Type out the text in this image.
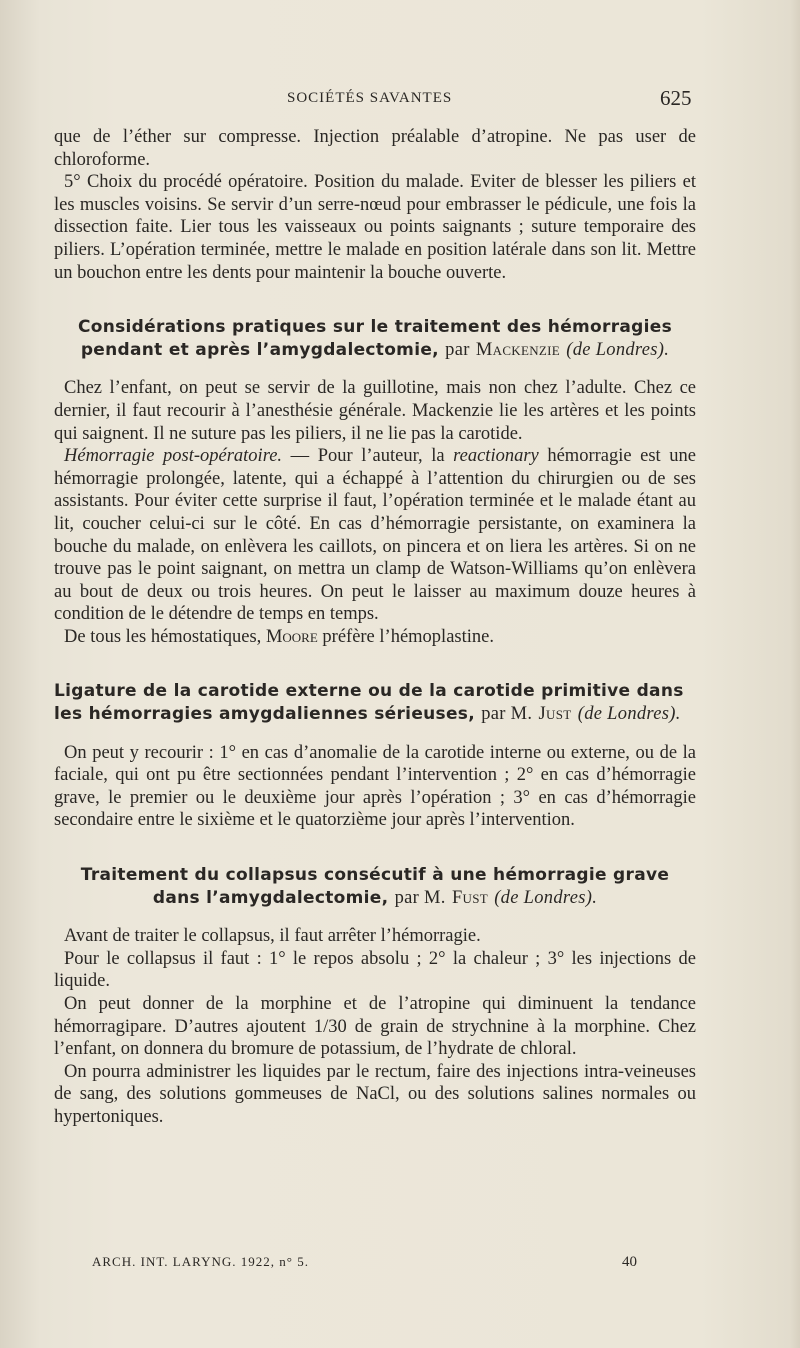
SOCIÉTÉS SAVANTES	625

que de l’éther sur compresse. Injection préalable d’atropine. Ne pas user de chloroforme.

5° Choix du procédé opératoire. Position du malade. Eviter de blesser les piliers et les muscles voisins. Se servir d’un serre-nœud pour embrasser le pédicule, une fois la dissection faite. Lier tous les vaisseaux ou points saignants ; suture temporaire des piliers. L’opération terminée, mettre le malade en position latérale dans son lit. Mettre un bouchon entre les dents pour maintenir la bouche ouverte.

Considérations pratiques sur le traitement des hémorragies pendant et après l’amygdalectomie, par Mackenzie (de Londres).

Chez l’enfant, on peut se servir de la guillotine, mais non chez l’adulte. Chez ce dernier, il faut recourir à l’anesthésie générale. Mackenzie lie les artères et les points qui saignent. Il ne suture pas les piliers, il ne lie pas la carotide.

Hémorragie post-opératoire. — Pour l’auteur, la reactionary hémorragie est une hémorragie prolongée, latente, qui a échappé à l’attention du chirurgien ou de ses assistants. Pour éviter cette surprise il faut, l’opération terminée et le malade étant au lit, coucher celui-ci sur le côté. En cas d’hémorragie persistante, on examinera la bouche du malade, on enlèvera les caillots, on pincera et on liera les artères. Si on ne trouve pas le point saignant, on mettra un clamp de Watson-Williams qu’on enlèvera au bout de deux ou trois heures. On peut le laisser au maximum douze heures à condition de le détendre de temps en temps.

De tous les hémostatiques, Moore préfère l’hémoplastine.

Ligature de la carotide externe ou de la carotide primitive dans les hémorragies amygdaliennes sérieuses, par M. Just (de Londres).

On peut y recourir : 1° en cas d’anomalie de la carotide interne ou externe, ou de la faciale, qui ont pu être sectionnées pendant l’intervention ; 2° en cas d’hémorragie grave, le premier ou le deuxième jour après l’opération ; 3° en cas d’hémorragie secondaire entre le sixième et le quatorzième jour après l’intervention.

Traitement du collapsus consécutif à une hémorragie grave
dans l’amygdalectomie, par M. Fust (de Londres).

Avant de traiter le collapsus, il faut arrêter l’hémorragie.

Pour le collapsus il faut : 1° le repos absolu ; 2° la chaleur ; 3° les injections de liquide.

On peut donner de la morphine et de l’atropine qui diminuent la tendance hémorragipare. D’autres ajoutent 1/30 de grain de strychnine à la morphine. Chez l’enfant, on donnera du bromure de potassium, de l’hydrate de chloral.

On pourra administrer les liquides par le rectum, faire des injections intra-veineuses de sang, des solutions gommeuses de NaCl, ou des solutions salines normales ou hypertoniques.

ARCH. INT. LARYNG. 1922, n° 5.	40
